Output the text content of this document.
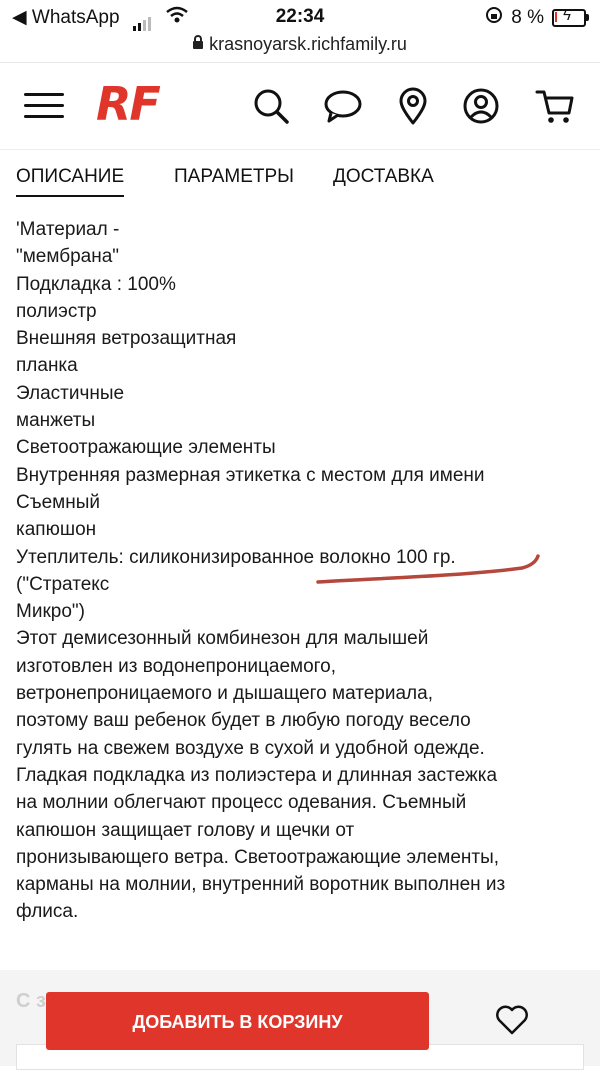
◀ WhatsApp	22:34	8 % ϟ
krasnoyarsk.richfamily.ru
RF
ОПИСАНИЕ	ПАРАМЕТРЫ ДОСТАВКА
'Материал -
"мембрана"
Подкладка : 100%
полиэстр
Внешняя ветрозащитная
планка
Эластичные
манжеты
Светоотражающие элементы
Внутренняя размерная этикетка с местом для имени
Съемный
капюшон
Утеплитель: силиконизированное волокно 100 гр.
("Стратекс
Микро")
Этот демисезонный комбинезон для малышей
изготовлен из водонепроницаемого,
ветронепроницаемого и дышащего материала,
поэтому ваш ребенок будет в любую погоду весело
гулять на свежем воздухе в сухой и удобной одежде.
Гладкая подкладка из полиэстера и длинная застежка
на молнии облегчают процесс одевания. Съемный
капюшон защищает голову и щечки от
пронизывающего ветра. Светоотражающие элементы,
карманы на молнии, внутренний воротник выполнен из
флиса.
С з
ДОБАВИТЬ В КОРЗИНУ
